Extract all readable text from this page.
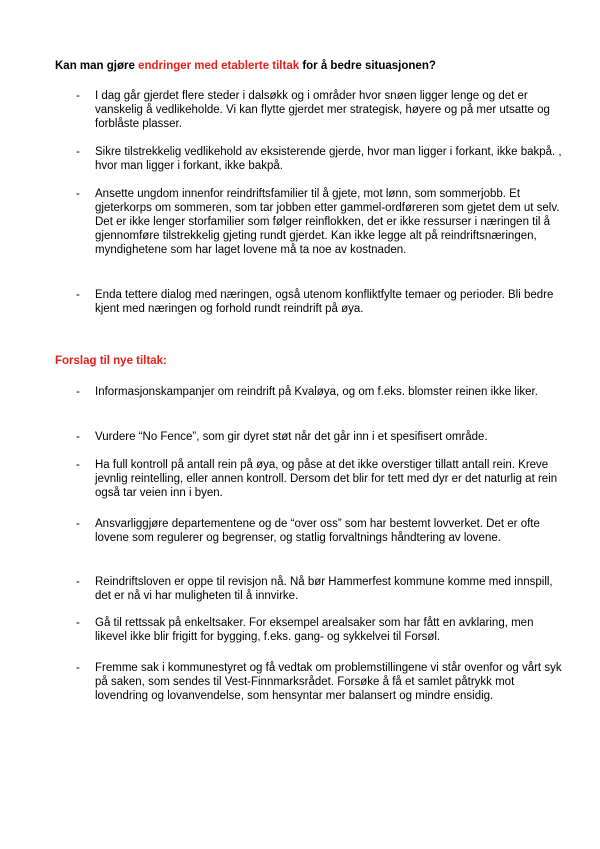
Kan man gjøre endringer med etablerte tiltak for å bedre situasjonen?
- I dag går gjerdet flere steder i dalsøkk og i områder hvor snøen ligger lenge og det er vanskelig å vedlikeholde. Vi kan flytte gjerdet mer strategisk, høyere og på mer utsatte og forblåste plasser.
- Sikre tilstrekkelig vedlikehold av eksisterende gjerde, hvor man ligger i forkant, ikke bakpå. , hvor man ligger i forkant, ikke bakpå.
- Ansette ungdom innenfor reindriftsfamilier til å gjete, mot lønn, som sommerjobb. Et gjeterkorps om sommeren, som tar jobben etter gammel-ordføreren som gjetet dem ut selv. Det er ikke lenger storfamilier som følger reinflokken, det er ikke ressurser i næringen til å gjennomføre tilstrekkelig gjeting rundt gjerdet. Kan ikke legge alt på reindriftsnæringen, myndighetene som har laget lovene må ta noe av kostnaden.
- Enda tettere dialog med næringen, også utenom konfliktfylte temaer og perioder. Bli bedre kjent med næringen og forhold rundt reindrift på øya.
Forslag til nye tiltak:
- Informasjonskampanjer om reindrift på Kvaløya, og om f.eks. blomster reinen ikke liker.
- Vurdere “No Fence”, som gir dyret støt når det går inn i et spesifisert område.
- Ha full kontroll på antall rein på øya, og påse at det ikke overstiger tillatt antall rein. Kreve jevnlig reintelling, eller annen kontroll. Dersom det blir for tett med dyr er det naturlig at rein også tar veien inn i byen.
- Ansvarliggjøre departementene og de “over oss” som har bestemt lovverket. Det er ofte lovene som regulerer og begrenser, og statlig forvaltnings håndtering av lovene.
- Reindriftsloven er oppe til revisjon nå. Nå bør Hammerfest kommune komme med innspill, det er nå vi har muligheten til å innvirke.
- Gå til rettssak på enkeltsaker. For eksempel arealsaker som har fått en avklaring, men likevel ikke blir frigitt for bygging, f.eks. gang- og sykkelvei til Forsøl.
- Fremme sak i kommunestyret og få vedtak om problemstillingene vi står ovenfor og vårt syk på saken, som sendes til Vest-Finnmarksrådet. Forsøke å få et samlet påtrykk mot lovendring og lovanvendelse, som hensyntar mer balansert og mindre ensidig.
